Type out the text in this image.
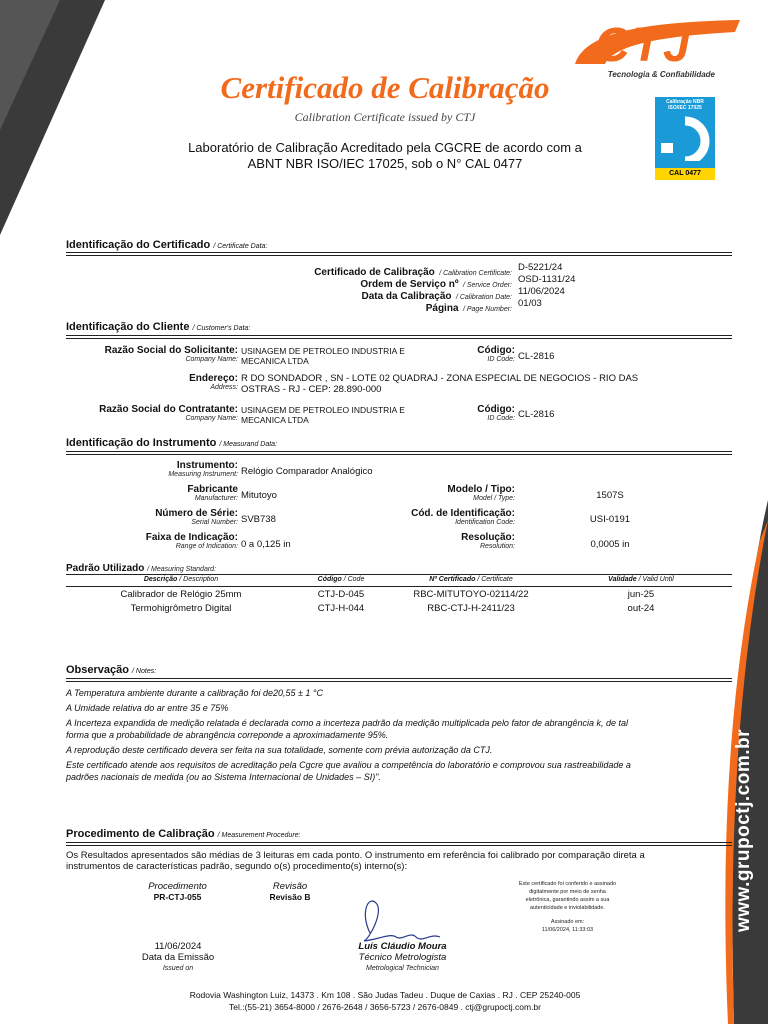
www.grupoctj.com.br
CTJ
Tecnologia & Confiabilidade
Certificado de Calibração
Calibration Certificate issued by CTJ
Laboratório de Calibração Acreditado pela CGCRE de acordo com a
ABNT NBR ISO/IEC 17025, sob o N° CAL 0477
Calibração NBR ISO/IEC 17025
CAL 0477
Identificação do Certificado / Certificate Data:
Certificado de Calibração / Calibration Certificate:
D-5221/24
Ordem de Serviço nº / Service Order:
OSD-1131/24
Data da Calibração / Calibration Date:
11/06/2024
Página / Page Number:
01/03
Identificação do Cliente / Customer's Data:
Razão Social do Solicitante:
Company Name:
USINAGEM DE PETROLEO INDUSTRIA E MECANICA LTDA
Código:
ID Code: CL-2816
Endereço:
Address:
R DO SONDADOR , SN - LOTE 02 QUADRAJ - ZONA ESPECIAL DE NEGOCIOS - RIO DAS
OSTRAS - RJ - CEP: 28.890-000
Razão Social do Contratante:
Company Name:
USINAGEM DE PETROLEO INDUSTRIA E MECANICA LTDA
Código:
ID Code: CL-2816
Identificação do Instrumento / Measurand Data:
Instrumento:
Measuring Instrument: Relógio Comparador Analógico
Fabricante
Manufacturer: Mitutoyo
Modelo / Tipo:
Model / Type:	1507S
Número de Série:
Serial Number: SVB738
Cód. de Identificação:
Identification Code:	USI-0191
Faixa de Indicação:
Range of Indication: 0 a 0,125 in
Resolução:
Resolution:	0,0005 in
Padrão Utilizado / Measuring Standard:
Descrição / Description	Código / Code	Nº Certificado / Certificate	Validade / Valid Until
Calibrador de Relógio 25mm	CTJ-D-045	RBC-MITUTOYO-02114/22	jun-25
Termohigrômetro Digital	CTJ-H-044	RBC-CTJ-H-2411/23	out-24
Observação / Notes:
A Temperatura ambiente durante a calibração foi de20,55 ± 1 °C
A Umidade relativa do ar entre 35 e 75%
A Incerteza expandida de medição relatada é declarada como a incerteza padrão da medição multiplicada pelo fator de abrangência k, de tal
forma que a probabilidade de abrangência correponde a aproximadamente 95%.
A reprodução deste certificado devera ser feita na sua totalidade, somente com prévia autorização da CTJ.
Este certificado atende aos requisitos de acreditação pela Cgcre que avaliou a competência do laboratório e comprovou sua rastreabilidade a
padrões nacionais de medida (ou ao Sistema Internacional de Unidades – SI)".
Procedimento de Calibração / Measurement Procedure:
Os Resultados apresentados são médias de 3 leituras em cada ponto. O instrumento em referência foi calibrado por comparação direta a
instrumentos de características padrão, segundo o(s) procedimento(s) interno(s):
Procedimento
PR-CTJ-055
Revisão
Revisão B
Este certificado foi conferido e assinado
digitalmente por meio de senha
eletrônica, garantindo assim a sua
autenticidade e inviolabilidade.
Assinado em:
11/06/2024, 11:33:03
11/06/2024
Data da Emissão
Issued on
Luís Cláudio Moura
Técnico Metrologista
Metrological Technician
Rodovia Washington Luiz, 14373 . Km 108 . São Judas Tadeu . Duque de Caxias . RJ . CEP 25240-005
Tel.:(55-21) 3654-8000 / 2676-2648 / 3656-5723 / 2676-0849 . ctj@grupoctj.com.br
